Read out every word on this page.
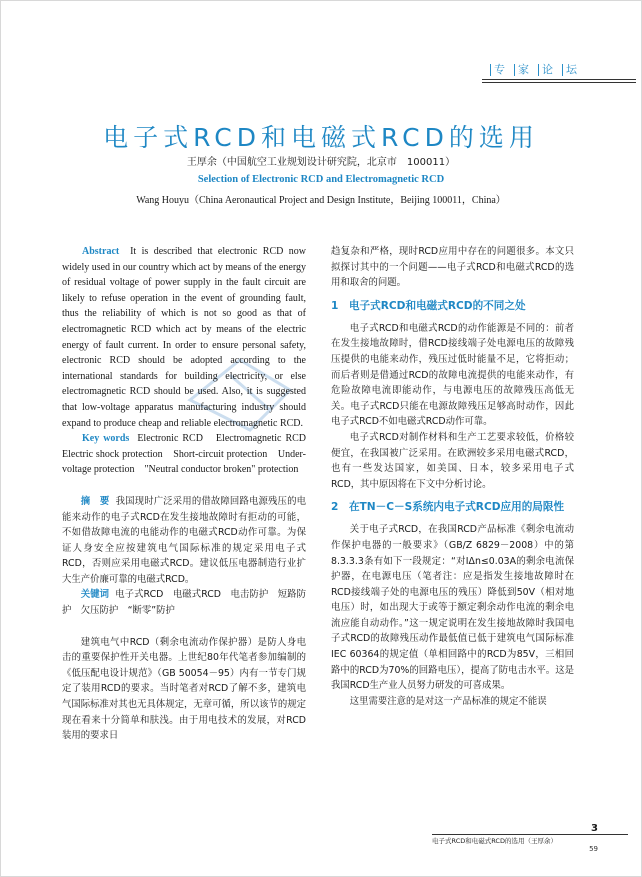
专	家	论	坛
电子式RCD和电磁式RCD的选用
王厚余（中国航空工业规划设计研究院，北京市　100011）
Selection of Electronic RCD and Electromagnetic RCD
Wang Houyu（China Aeronautical Project and Design Institute，Beijing 100011，China）

Abstract It is described that electronic RCD now widely used in our country which act by means of the energy of residual voltage of power supply in the fault circuit are likely to refuse operation in the event of grounding fault, thus the reliability of which is not so good as that of electromagnetic RCD which act by means of the electric energy of fault current. In order to ensure personal safety, electronic RCD should be adopted according to the international standards for building electricity, or else electromagnetic RCD should be used. Also, it is suggested that low-voltage apparatus manufacturing industry should expand to produce cheap and reliable electromagnetic RCD.

Key words Electronic RCD　Electromagnetic RCD　Electric shock protection　Short-circuit protection　Under-voltage protection　"Neutral conductor broken" protection

摘　要 我国现时广泛采用的借故障回路电源残压的电能来动作的电子式RCD在发生接地故障时有拒动的可能，不如借故障电流的电能动作的电磁式RCD动作可靠。为保证人身安全应按建筑电气国际标准的规定采用电子式RCD，否则应采用电磁式RCD。建议低压电器制造行业扩大生产价廉可靠的电磁式RCD。

关键词 电子式RCD　电磁式RCD　电击防护　短路防护　欠压防护　“断零”防护

建筑电气中RCD（剩余电流动作保护器）是防人身电击的重要保护性开关电器。上世纪80年代笔者参加编制的《低压配电设计规范》（GB 50054－95）内有一节专门规定了装用RCD的要求。当时笔者对RCD了解不多，建筑电气国际标准对其也无具体规定，无章可循，所以该节的规定现在看来十分简单和肤浅。由于用电技术的发展，对RCD装用的要求日

趋复杂和严格，现时RCD应用中存在的问题很多。本文只拟探讨其中的一个问题——电子式RCD和电磁式RCD的选用和取舍的问题。

1　电子式RCD和电磁式RCD的不同之处

电子式RCD和电磁式RCD的动作能源是不同的：前者在发生接地故障时，借RCD接线端子处电源电压的故障残压提供的电能来动作，残压过低时能量不足，它将拒动；而后者则是借通过RCD的故障电流提供的电能来动作，有危险故障电流即能动作，与电源电压的故障残压高低无关。电子式RCD只能在电源故障残压足够高时动作，因此电子式RCD不如电磁式RCD动作可靠。

电子式RCD对制作材料和生产工艺要求较低，价格较便宜，在我国被广泛采用。在欧洲较多采用电磁式RCD，也有一些发达国家，如美国、日本，较多采用电子式RCD，其中原因将在下文中分析讨论。

2　在TN－C－S系统内电子式RCD应用的局限性

关于电子式RCD，在我国RCD产品标准《剩余电流动作保护电器的一般要求》（GB/Z 6829－2008）中的第8.3.3.3条有如下一段规定：“对IΔn≤0.03A的剩余电流保护器，在电源电压（笔者注：应是指发生接地故障时在RCD接线端子处的电源电压的残压）降低到50V（相对地电压）时，如出现大于或等于额定剩余动作电流的剩余电流应能自动动作。”这一规定说明在发生接地故障时我国电子式RCD的故障残压动作最低值已低于建筑电气国际标准IEC 60364的规定值（单相回路中的RCD为85V，三相回路中的RCD为70%的回路电压），提高了防电击水平。这是我国RCD生产业人员努力研发的可喜成果。

这里需要注意的是对这一产品标准的规定不能误

3
电子式RCD和电磁式RCD的选用（王厚余）
59
